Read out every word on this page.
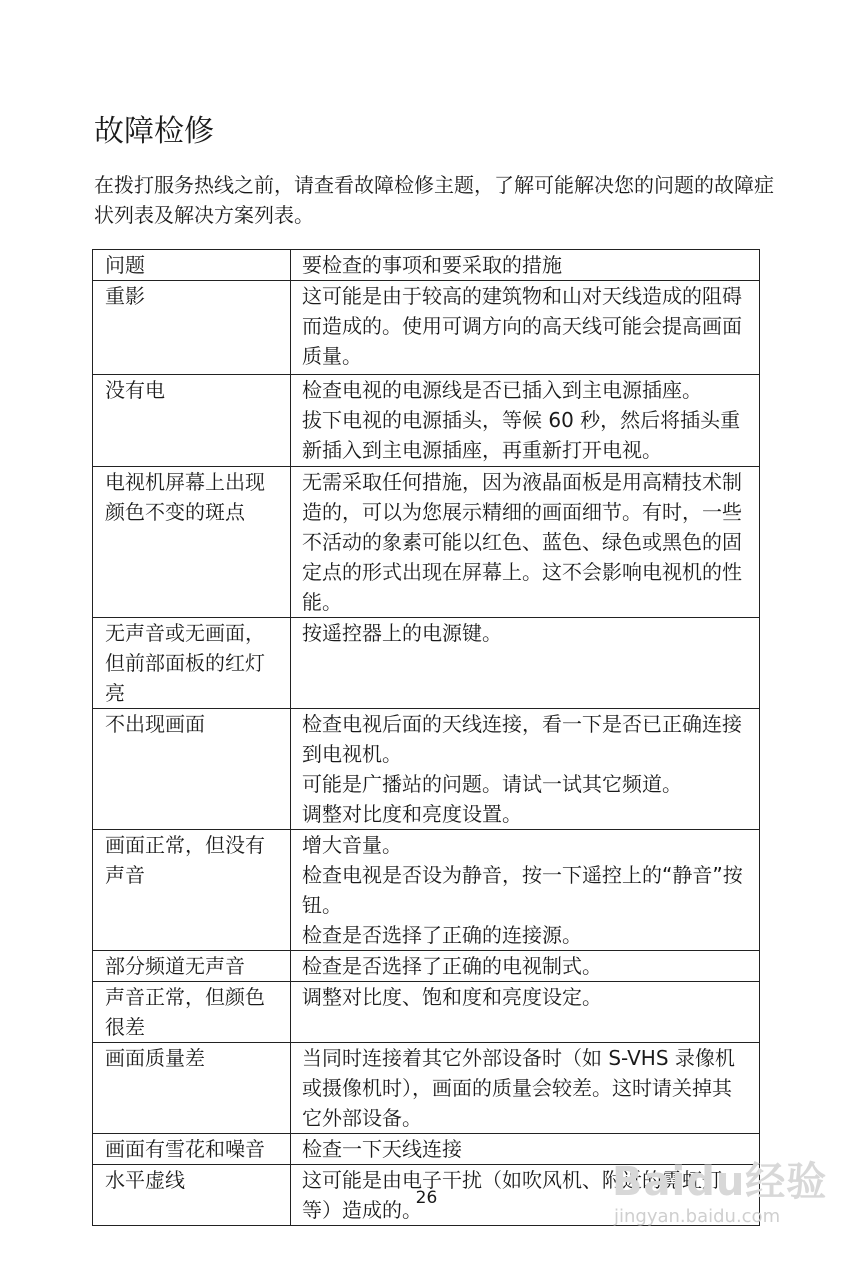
故障检修

在拨打服务热线之前，请查看故障检修主题，了解可能解决您的问题的故障症状列表及解决方案列表。

问题	要检查的事项和要采取的措施

重影	这可能是由于较高的建筑物和山对天线造成的阻碍而造成的。使用可调方向的高天线可能会提高画面质量。

没有电	检查电视的电源线是否已插入到主电源插座。
拔下电视的电源插头，等候 60 秒，然后将插头重新插入到主电源插座，再重新打开电视。

电视机屏幕上出现颜色不变的斑点	无需采取任何措施，因为液晶面板是用高精技术制造的，可以为您展示精细的画面细节。有时，一些不活动的象素可能以红色、蓝色、绿色或黑色的固定点的形式出现在屏幕上。这不会影响电视机的性能。

无声音或无画面，但前部面板的红灯亮	按遥控器上的电源键。

不出现画面	检查电视后面的天线连接，看一下是否已正确连接到电视机。
可能是广播站的问题。请试一试其它频道。
调整对比度和亮度设置。

画面正常，但没有声音	增大音量。
检查电视是否设为静音，按一下遥控上的“静音”按钮。
检查是否选择了正确的连接源。

部分频道无声音	检查是否选择了正确的电视制式。

声音正常，但颜色很差	调整对比度、饱和度和亮度设定。

画面质量差	当同时连接着其它外部设备时（如 S-VHS 录像机或摄像机时），画面的质量会较差。这时请关掉其它外部设备。

画面有雪花和噪音	检查一下天线连接

水平虚线	这可能是由电子干扰（如吹风机、附近的霓虹灯等）造成的。
26	Baidu经验
jingyan.baidu.com
